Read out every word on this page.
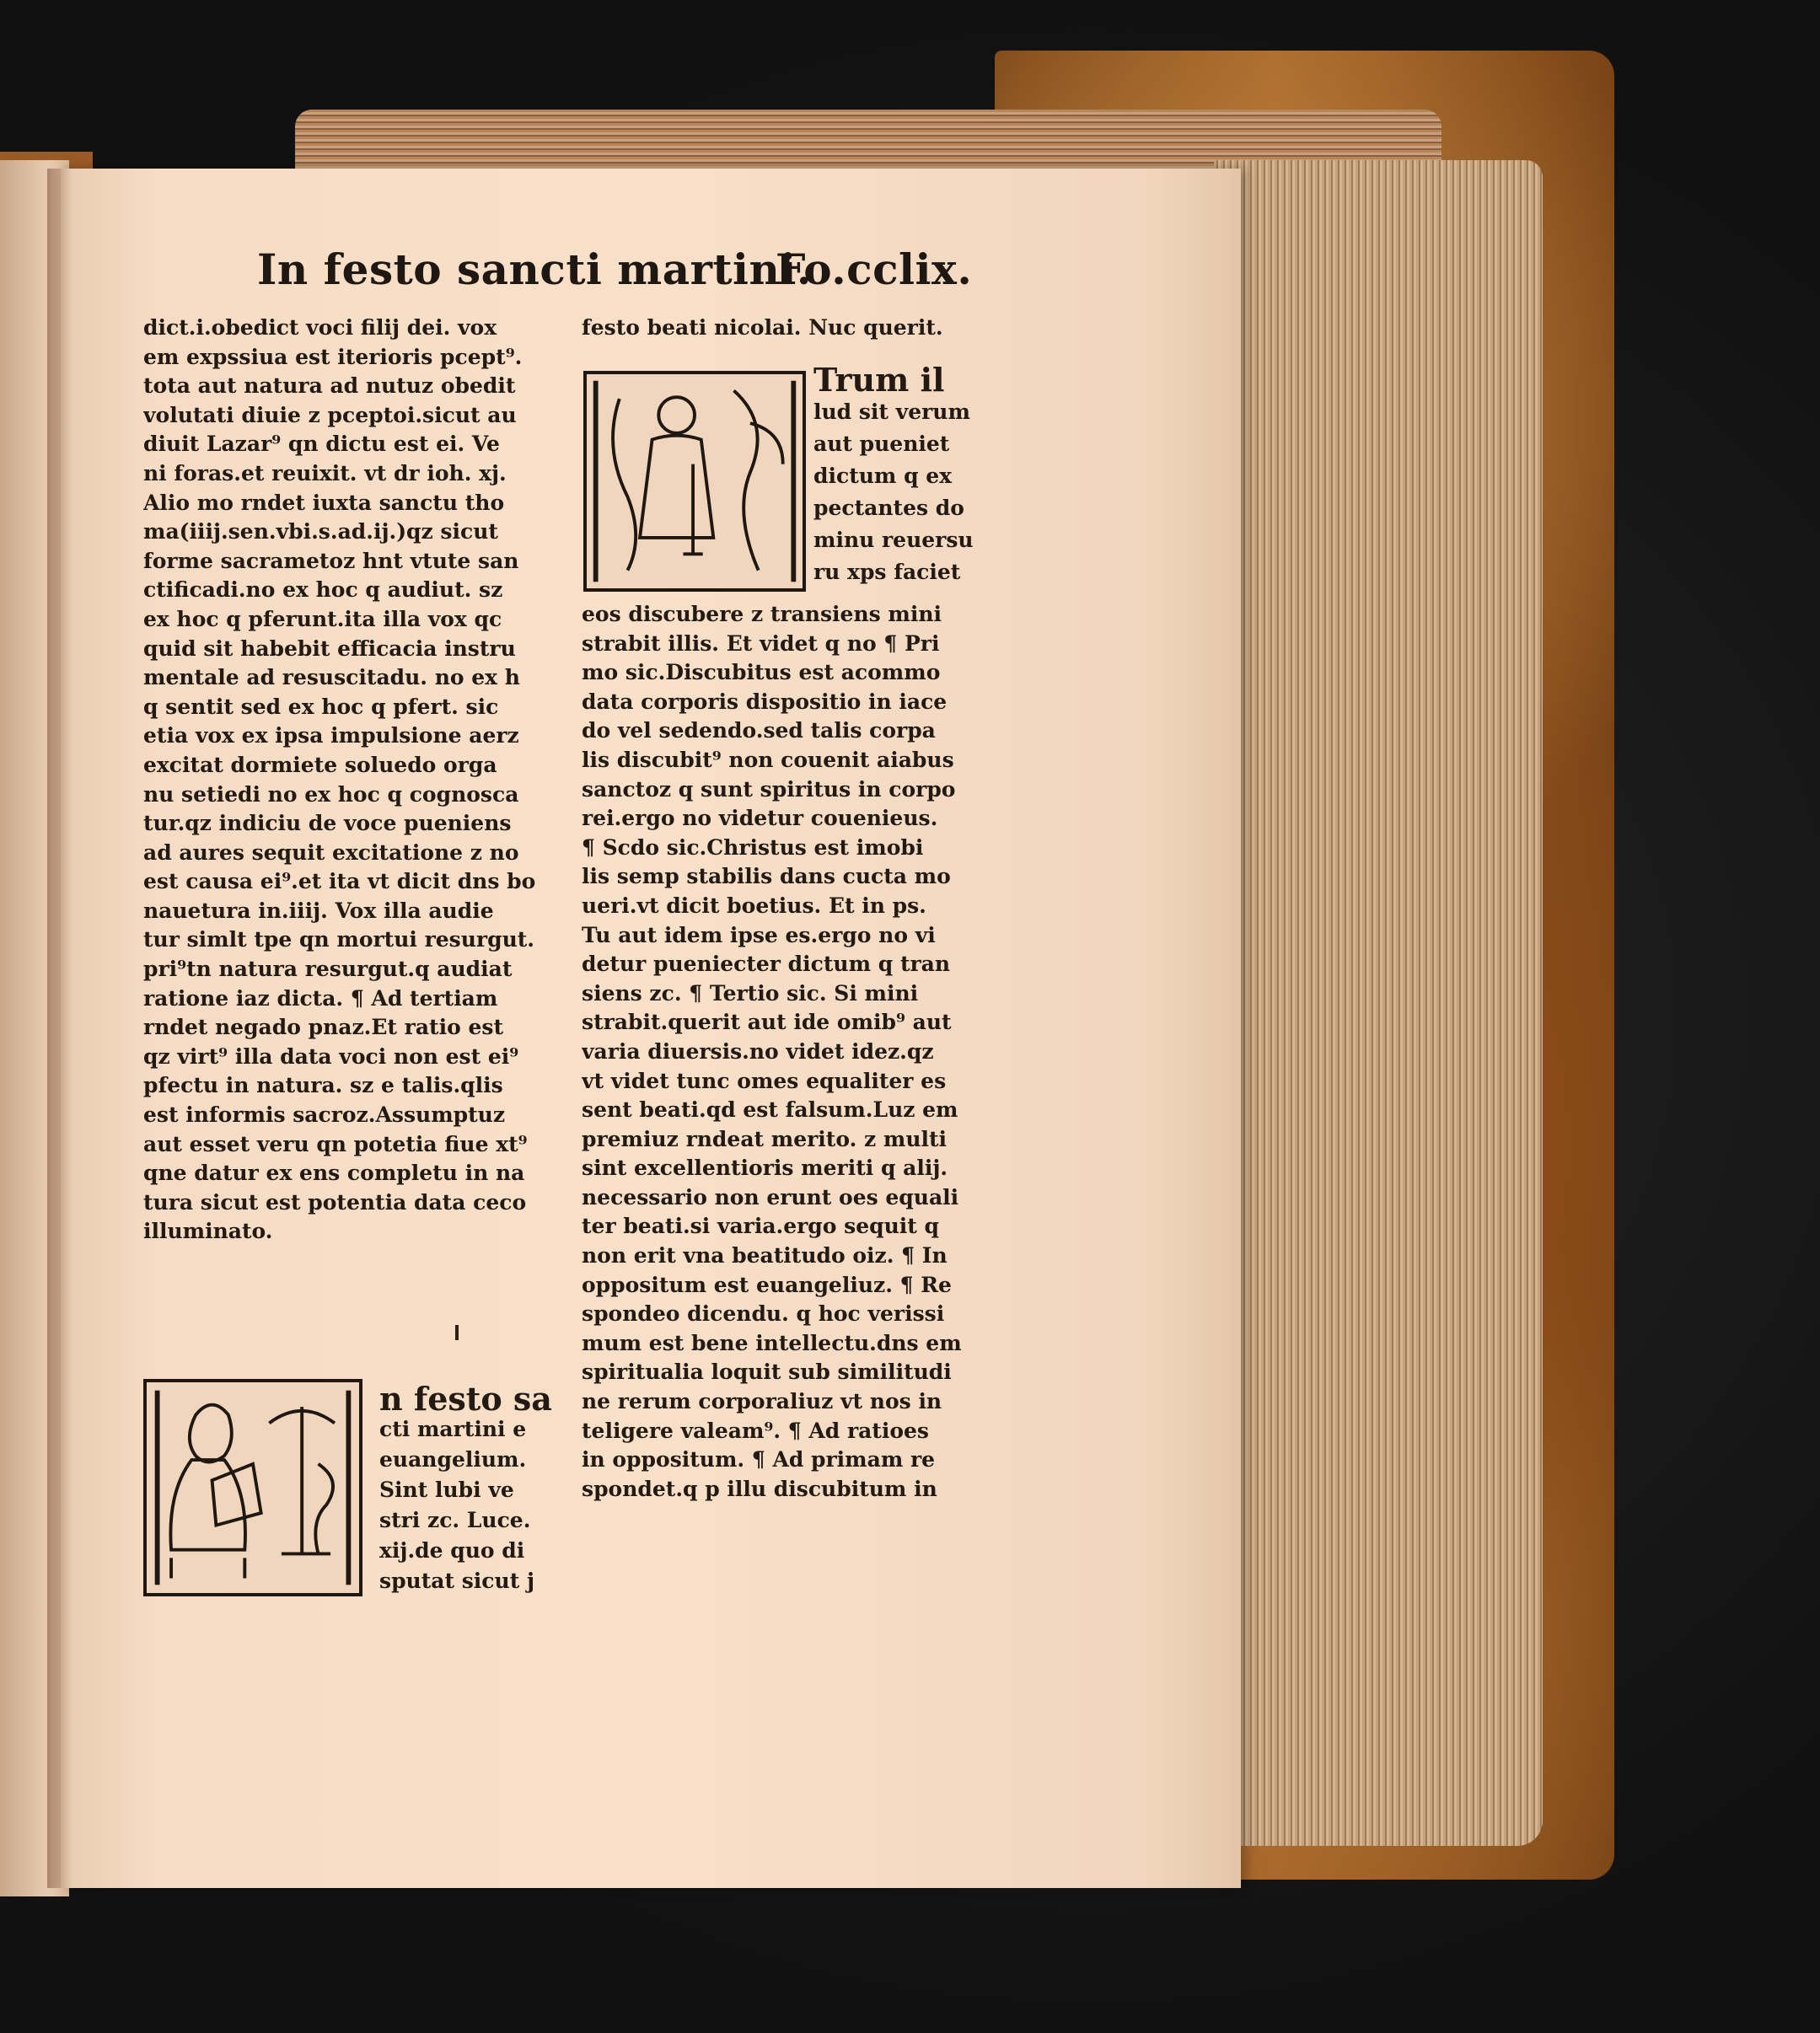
In festo sancti martini.
Fo.cclix.
dict.i.obedict voci filij dei. vox
em expssiua est iterioris pcept⁹.
tota aut natura ad nutuz obedit
volutati diuie z pceptoi.sicut au
diuit Lazar⁹ qn dictu est ei. Ve
ni foras.et reuixit. vt dr ioh. xj.
Alio mo rndet iuxta sanctu tho
ma(iiij.sen.vbi.s.ad.ij.)qz sicut
forme sacrametoz hnt vtute san
ctificadi.no ex hoc q audiut. sz
ex hoc q pferunt.ita illa vox qc
quid sit habebit efficacia instru
mentale ad resuscitadu. no ex h
q sentit sed ex hoc q pfert. sic
etia vox ex ipsa impulsione aerz
excitat dormiete soluedo orga
nu setiedi no ex hoc q cognosca
tur.qz indiciu de voce pueniens
ad aures sequit excitatione z no
est causa ei⁹.et ita vt dicit dns bo
nauetura in.iiij. Vox illa audie
tur simlt tpe qn mortui resurgut.
pri⁹tn natura resurgut.q audiat
ratione iaz dicta. ¶ Ad tertiam
rndet negado pnaz.Et ratio est
qz virt⁹ illa data voci non est ei⁹
pfectu in natura. sz e talis.qlis
est informis sacroz.Assumptuz
aut esset veru qn potetia fiue xt⁹
qne datur ex ens completu in na
tura sicut est potentia data ceco
illuminato.
n festo sa
cti martini e
euangelium.
Sint lubi ve
stri zc. Luce.
xij.de quo di
sputat sicut j
festo beati nicolai. Nuc querit.
Trum il
lud sit verum
aut pueniet
dictum q ex
pectantes do
minu reuersu
ru xps faciet
eos discubere z transiens mini
strabit illis. Et videt q no ¶ Pri
mo sic.Discubitus est acommo
data corporis dispositio in iace
do vel sedendo.sed talis corpa
lis discubit⁹ non couenit aiabus
sanctoz q sunt spiritus in corpo
rei.ergo no videtur couenieus.
¶ Scdo sic.Christus est imobi
lis semp stabilis dans cucta mo
ueri.vt dicit boetius. Et in ps.
Tu aut idem ipse es.ergo no vi
detur pueniecter dictum q tran
siens zc. ¶ Tertio sic. Si mini
strabit.querit aut ide omib⁹ aut
varia diuersis.no videt idez.qz
vt videt tunc omes equaliter es
sent beati.qd est falsum.Luz em
premiuz rndeat merito. z multi
sint excellentioris meriti q alij.
necessario non erunt oes equali
ter beati.si varia.ergo sequit q
non erit vna beatitudo oiz. ¶ In
oppositum est euangeliuz. ¶ Re
spondeo dicendu. q hoc verissi
mum est bene intellectu.dns em
spiritualia loquit sub similitudi
ne rerum corporaliuz vt nos in
teligere valeam⁹. ¶ Ad ratioes
in oppositum. ¶ Ad primam re
spondet.q p illu discubitum in
